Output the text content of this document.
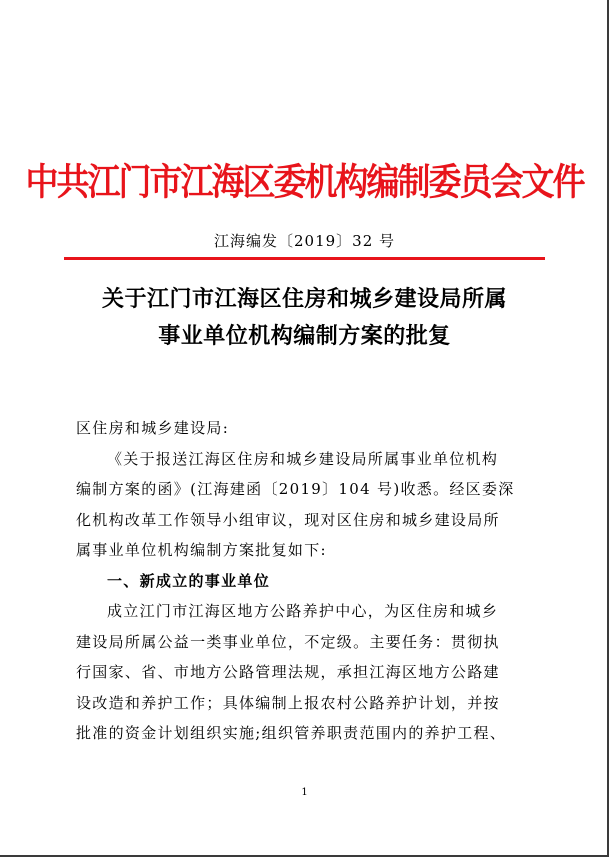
中共江门市江海区委机构编制委员会文件
江海编发〔2019〕32 号
关于江门市江海区住房和城乡建设局所属
事业单位机构编制方案的批复
区住房和城乡建设局:
《关于报送江海区住房和城乡建设局所属事业单位机构
编制方案的函》(江海建函〔2019〕104 号)收悉。经区委深
化机构改革工作领导小组审议，现对区住房和城乡建设局所
属事业单位机构编制方案批复如下:
一、新成立的事业单位
成立江门市江海区地方公路养护中心，为区住房和城乡
建设局所属公益一类事业单位，不定级。主要任务：贯彻执
行国家、省、市地方公路管理法规，承担江海区地方公路建
设改造和养护工作；具体编制上报农村公路养护计划，并按
批准的资金计划组织实施;组织管养职责范围内的养护工程、
1
